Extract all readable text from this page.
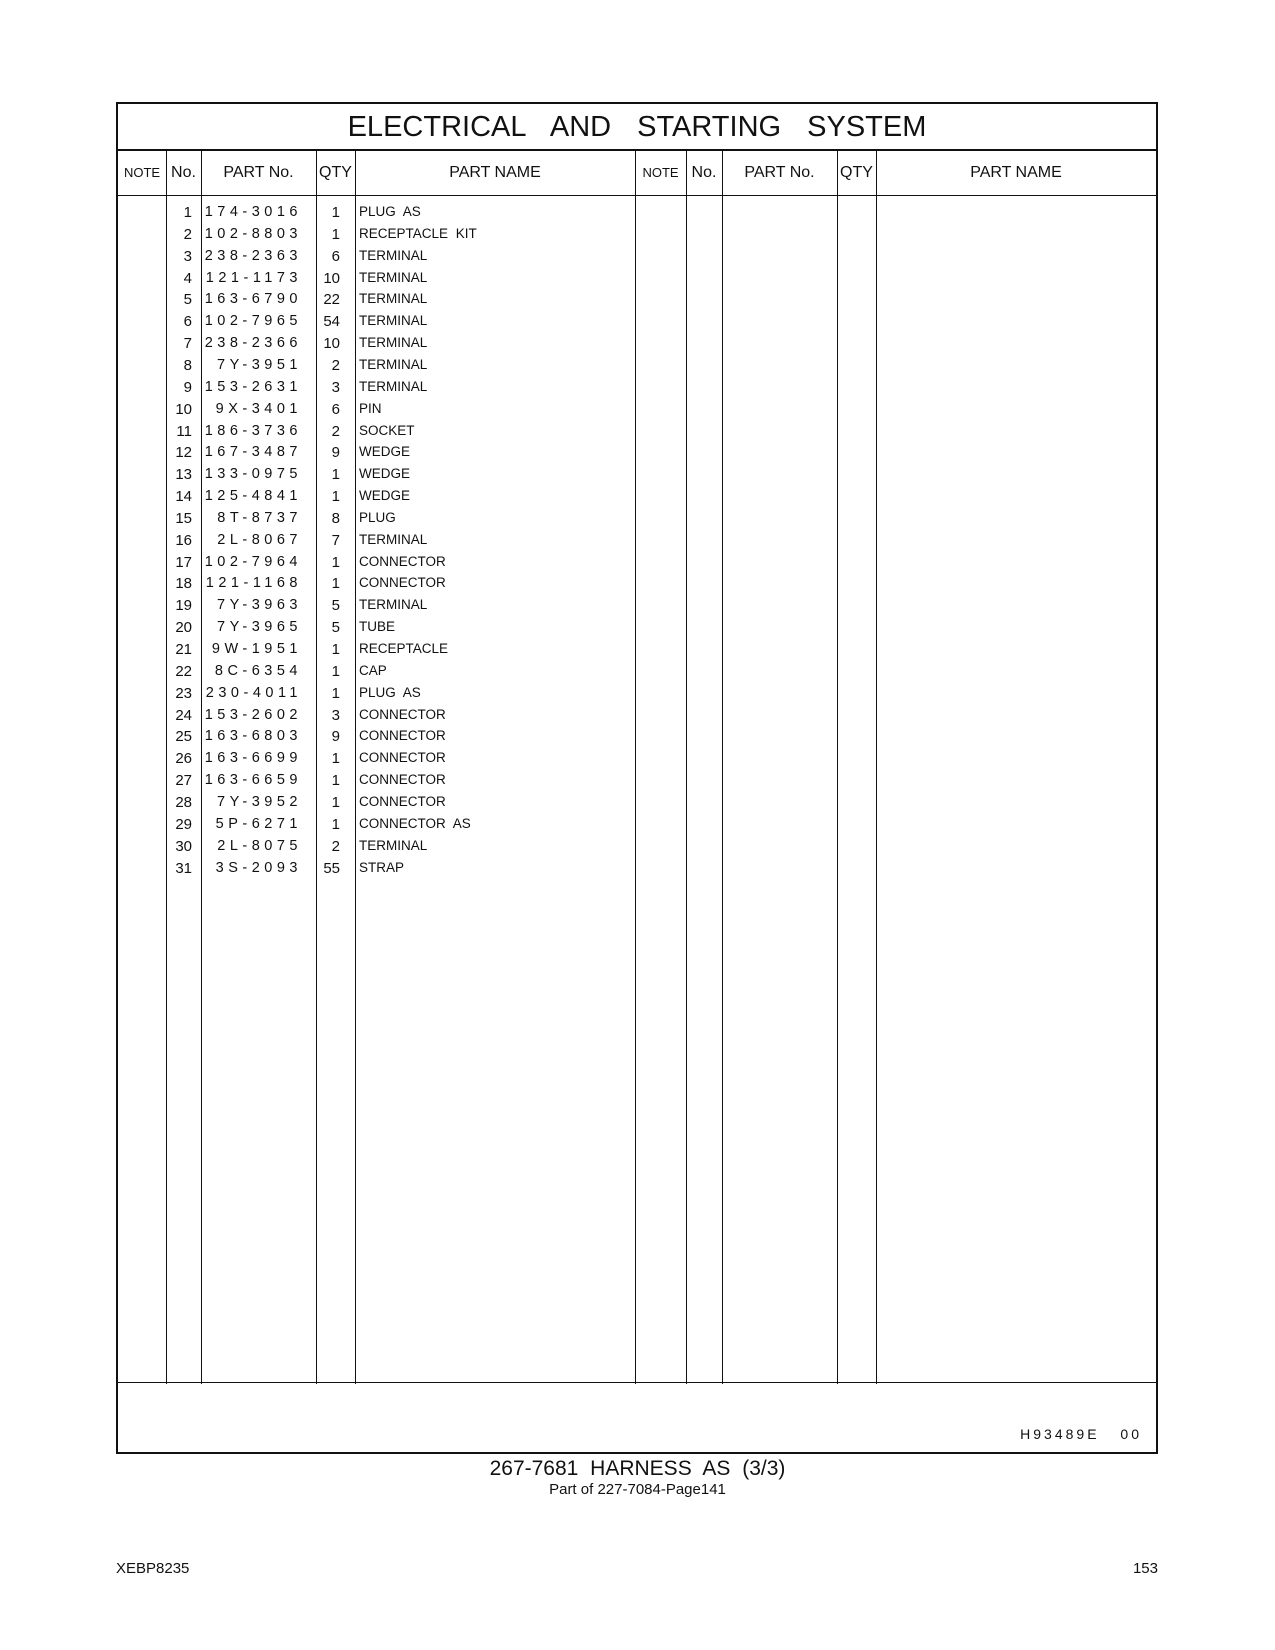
ELECTRICAL AND STARTING SYSTEM
NOTE No.	PART No.	QTY	PART NAME	NOTE No.	PART No.	QTY	PART NAME
1 174-3016	1 PLUG AS
2 102-8803	1 RECEPTACLE KIT
3 238-2363	6 TERMINAL
4 121-1173	10 TERMINAL
5 163-6790	22 TERMINAL
6 102-7965	54 TERMINAL
7 238-2366	10 TERMINAL
8	7Y-3951	2 TERMINAL
9 153-2631	3 TERMINAL
10	9X-3401	6 PIN
11 186-3736	2 SOCKET
12 167-3487	9 WEDGE
13 133-0975	1 WEDGE
14 125-4841	1 WEDGE
15	8T-8737	8 PLUG
16	2L-8067	7 TERMINAL
17 102-7964	1 CONNECTOR
18 121-1168	1 CONNECTOR
19	7Y-3963	5 TERMINAL
20	7Y-3965	5 TUBE
21	9W-1951	1 RECEPTACLE
22	8C-6354	1 CAP
23 230-4011	1 PLUG AS
24 153-2602	3 CONNECTOR
25 163-6803	9 CONNECTOR
26 163-6699	1 CONNECTOR
27 163-6659	1 CONNECTOR
28	7Y-3952	1 CONNECTOR
29	5P-6271	1 CONNECTOR AS
30	2L-8075	2 TERMINAL
31	3S-2093	55 STRAP
H93489E 00
267-7681 HARNESS AS (3/3)
Part of 227-7084-Page141
XEBP8235	153
